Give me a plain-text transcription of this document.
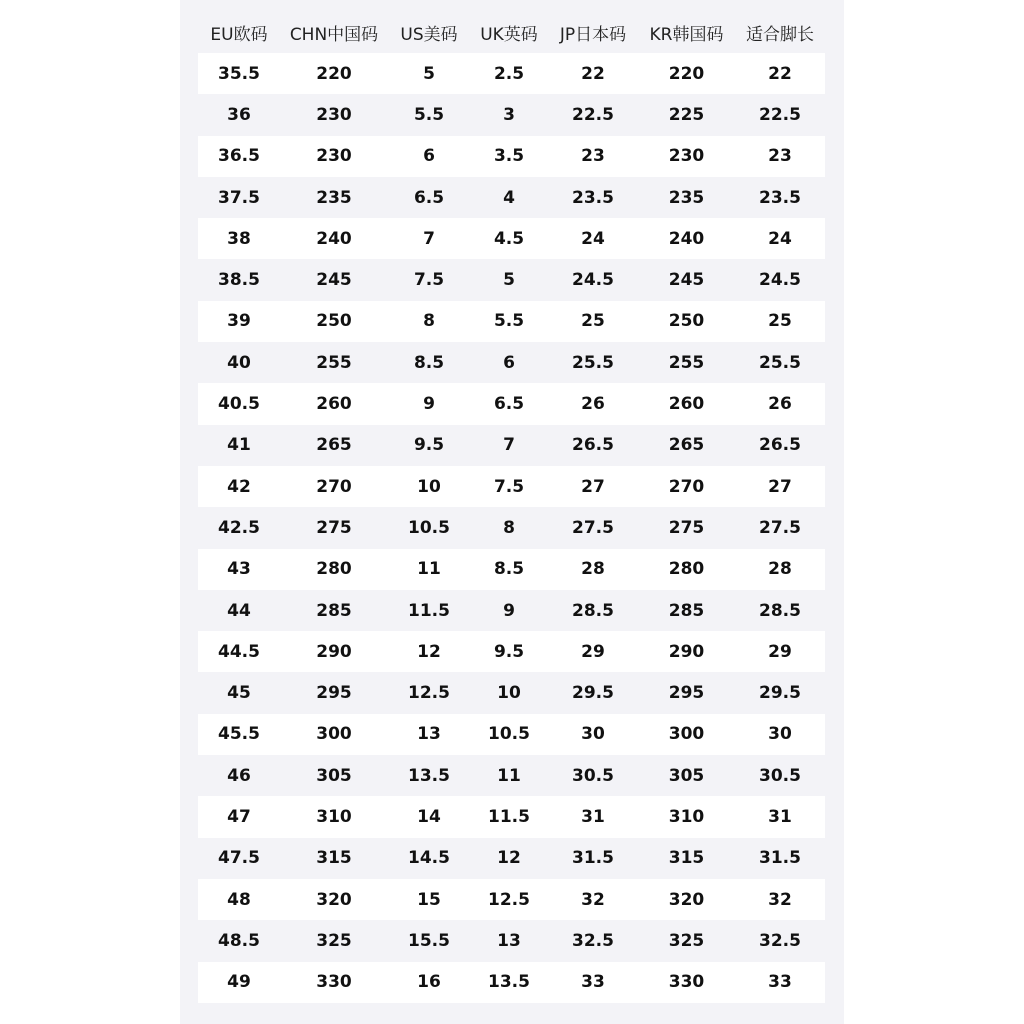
EU欧码	CHN中国码	US美码	UK英码	JP日本码	KR韩国码	适合脚长
35.5	220	5	2.5	22	220	22
36	230	5.5	3	22.5	225	22.5
36.5	230	6	3.5	23	230	23
37.5	235	6.5	4	23.5	235	23.5
38	240	7	4.5	24	240	24
38.5	245	7.5	5	24.5	245	24.5
39	250	8	5.5	25	250	25
40	255	8.5	6	25.5	255	25.5
40.5	260	9	6.5	26	260	26
41	265	9.5	7	26.5	265	26.5
42	270	10	7.5	27	270	27
42.5	275	10.5	8	27.5	275	27.5
43	280	11	8.5	28	280	28
44	285	11.5	9	28.5	285	28.5
44.5	290	12	9.5	29	290	29
45	295	12.5	10	29.5	295	29.5
45.5	300	13	10.5	30	300	30
46	305	13.5	11	30.5	305	30.5
47	310	14	11.5	31	310	31
47.5	315	14.5	12	31.5	315	31.5
48	320	15	12.5	32	320	32
48.5	325	15.5	13	32.5	325	32.5
49	330	16	13.5	33	330	33
